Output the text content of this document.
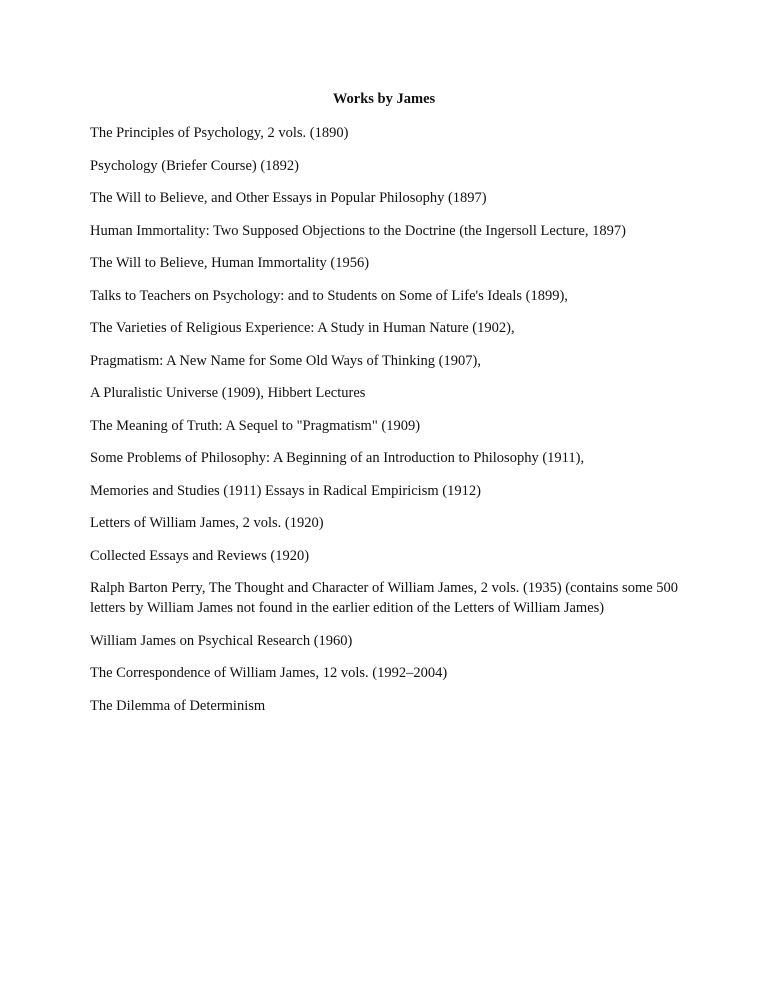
Works by James
The Principles of Psychology, 2 vols. (1890)
Psychology (Briefer Course) (1892)
The Will to Believe, and Other Essays in Popular Philosophy (1897)
Human Immortality: Two Supposed Objections to the Doctrine (the Ingersoll Lecture, 1897)
The Will to Believe, Human Immortality (1956)
Talks to Teachers on Psychology: and to Students on Some of Life's Ideals (1899),
The Varieties of Religious Experience: A Study in Human Nature (1902),
Pragmatism: A New Name for Some Old Ways of Thinking (1907),
A Pluralistic Universe (1909), Hibbert Lectures
The Meaning of Truth: A Sequel to "Pragmatism" (1909)
Some Problems of Philosophy: A Beginning of an Introduction to Philosophy (1911),
Memories and Studies (1911) Essays in Radical Empiricism (1912)
Letters of William James, 2 vols. (1920)
Collected Essays and Reviews (1920)
Ralph Barton Perry, The Thought and Character of William James, 2 vols. (1935) (contains some 500 letters by William James not found in the earlier edition of the Letters of William James)
William James on Psychical Research (1960)
The Correspondence of William James, 12 vols. (1992–2004)
The Dilemma of Determinism
